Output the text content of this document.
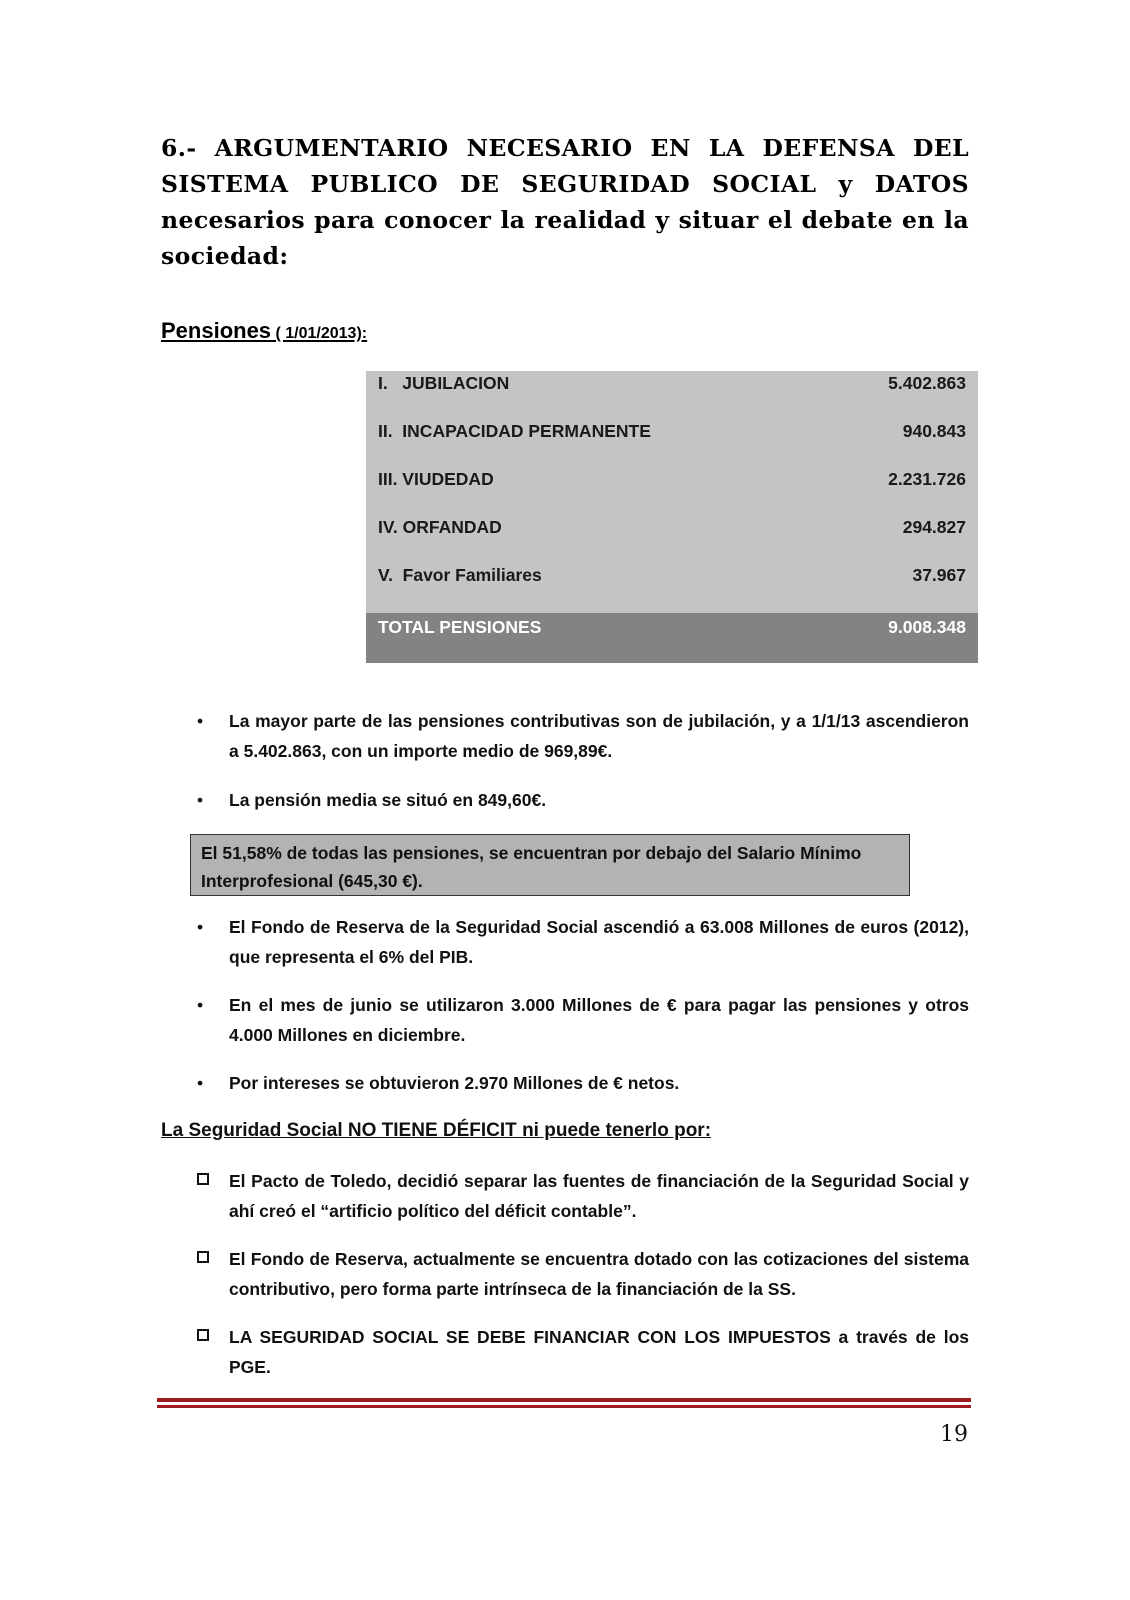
6.- ARGUMENTARIO NECESARIO EN LA DEFENSA DEL SISTEMA PUBLICO DE SEGURIDAD SOCIAL y DATOS necesarios para conocer la realidad y situar el debate en la sociedad:
Pensiones ( 1/01/2013):
I.   JUBILACION	5.402.863
II.  INCAPACIDAD PERMANENTE	940.843
III. VIUDEDAD	2.231.726
IV. ORFANDAD	294.827
V.  Favor Familiares	37.967
TOTAL PENSIONES	9.008.348
• La mayor parte de las pensiones contributivas son de jubilación, y a 1/1/13 ascendieron a 5.402.863, con un importe medio de 969,89€.
• La pensión media se situó en 849,60€.
El 51,58% de todas las pensiones, se encuentran por debajo del Salario Mínimo Interprofesional (645,30 €).
• El Fondo de Reserva de la Seguridad Social ascendió a 63.008 Millones de euros (2012), que representa el 6% del PIB.
• En el mes de junio se utilizaron 3.000 Millones de € para pagar las pensiones y otros 4.000 Millones en diciembre.
• Por intereses se obtuvieron 2.970 Millones de € netos.
La Seguridad Social NO TIENE DÉFICIT ni puede tenerlo por:
El Pacto de Toledo, decidió separar las fuentes de financiación de la Seguridad Social y ahí creó el “artificio político del déficit contable”.
El Fondo de Reserva, actualmente se encuentra dotado con las cotizaciones del sistema contributivo, pero forma parte intrínseca de la financiación de la SS.
LA SEGURIDAD SOCIAL SE DEBE FINANCIAR CON LOS IMPUESTOS a través de los PGE.
19
